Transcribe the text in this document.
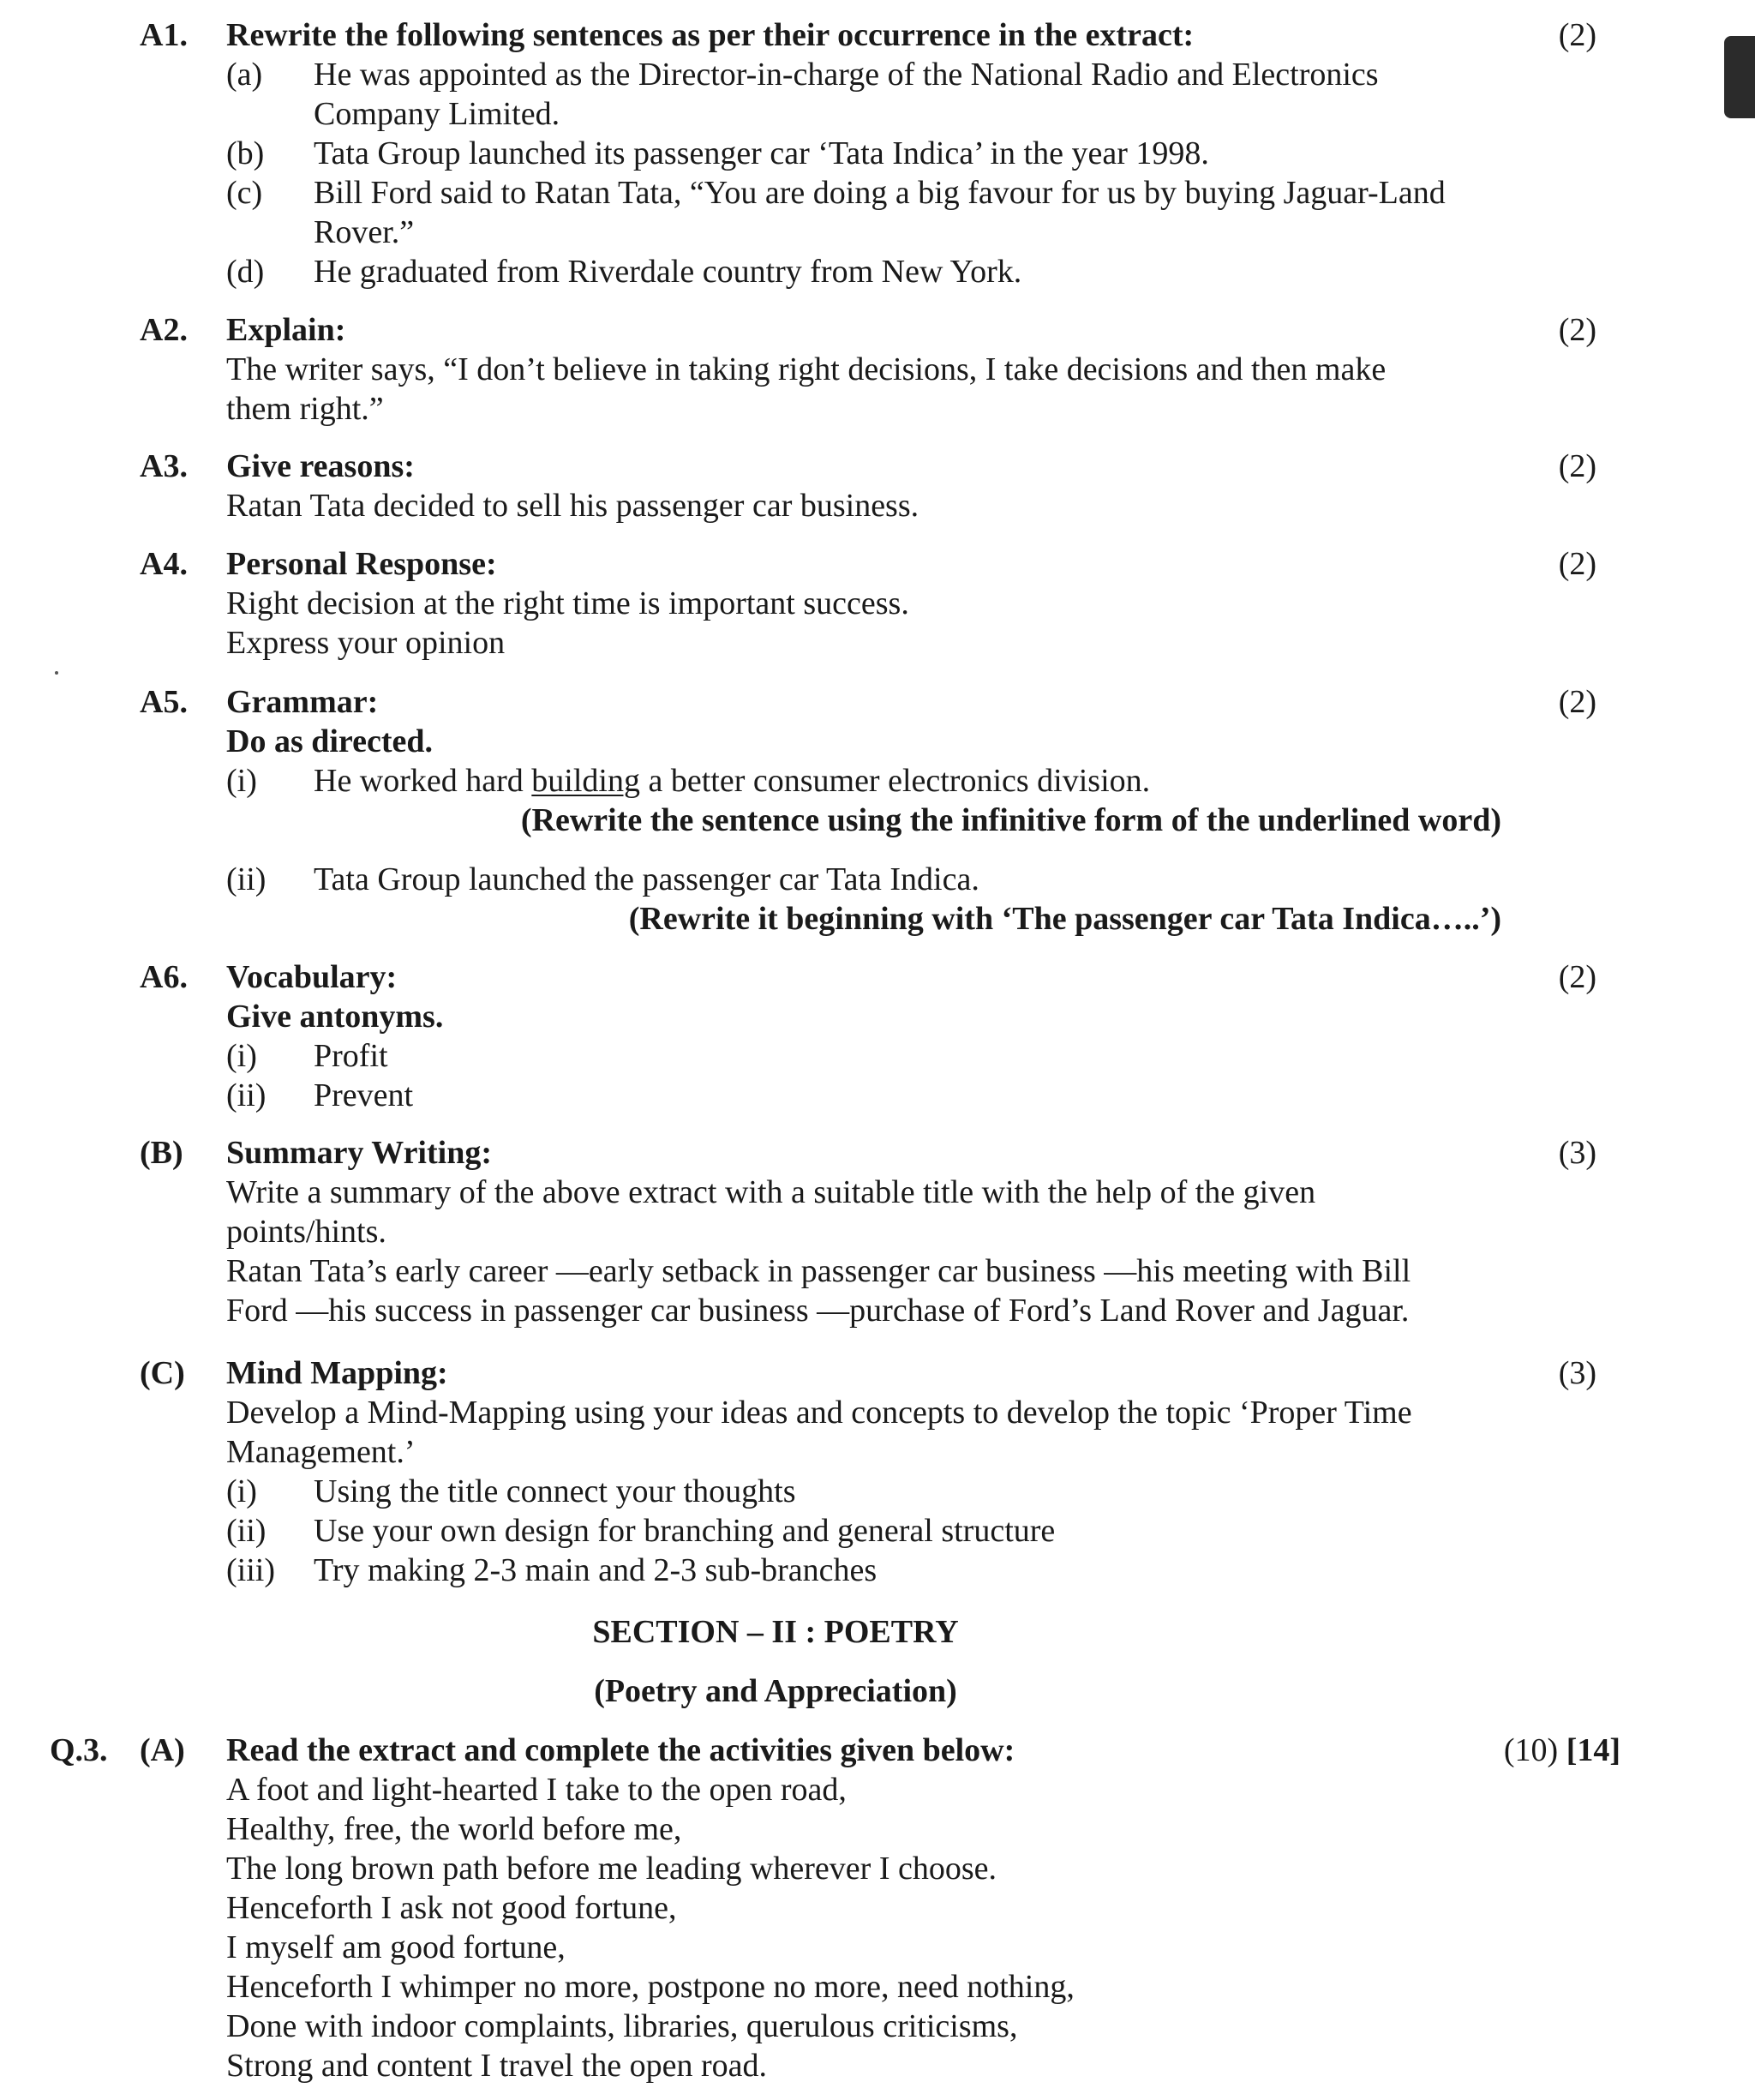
A1. Rewrite the following sentences as per their occurrence in the extract:	(2)
(a) He was appointed as the Director-in-charge of the National Radio and Electronics
Company Limited.
(b) Tata Group launched its passenger car ‘Tata Indica’ in the year 1998.
(c) Bill Ford said to Ratan Tata, “You are doing a big favour for us by buying Jaguar-Land
Rover.”
(d) He graduated from Riverdale country from New York.
A2. Explain:	(2)
The writer says, “I don’t believe in taking right decisions, I take decisions and then make
them right.”
A3. Give reasons:	(2)
Ratan Tata decided to sell his passenger car business.
A4. Personal Response:	(2)
Right decision at the right time is important success.
Express your opinion
A5. Grammar:	(2)
Do as directed.
(i) He worked hard building a better consumer electronics division.
(Rewrite the sentence using the infinitive form of the underlined word)
(ii) Tata Group launched the passenger car Tata Indica.
(Rewrite it beginning with ‘The passenger car Tata Indica…..’)
A6. Vocabulary:	(2)
Give antonyms.
(i) Profit
(ii) Prevent
(B) Summary Writing:	(3)
Write a summary of the above extract with a suitable title with the help of the given
points/hints.
Ratan Tata’s early career —early setback in passenger car business —his meeting with Bill
Ford —his success in passenger car business —purchase of Ford’s Land Rover and Jaguar.
(C) Mind Mapping:	(3)
Develop a Mind-Mapping using your ideas and concepts to develop the topic ‘Proper Time
Management.’
(i) Using the title connect your thoughts
(ii) Use your own design for branching and general structure
(iii) Try making 2-3 main and 2-3 sub-branches
SECTION – II : POETRY
(Poetry and Appreciation)
Q.3. (A) Read the extract and complete the activities given below:	(10) [14]
A foot and light-hearted I take to the open road,
Healthy, free, the world before me,
The long brown path before me leading wherever I choose.
Henceforth I ask not good fortune,
I myself am good fortune,
Henceforth I whimper no more, postpone no more, need nothing,
Done with indoor complaints, libraries, querulous criticisms,
Strong and content I travel the open road.
